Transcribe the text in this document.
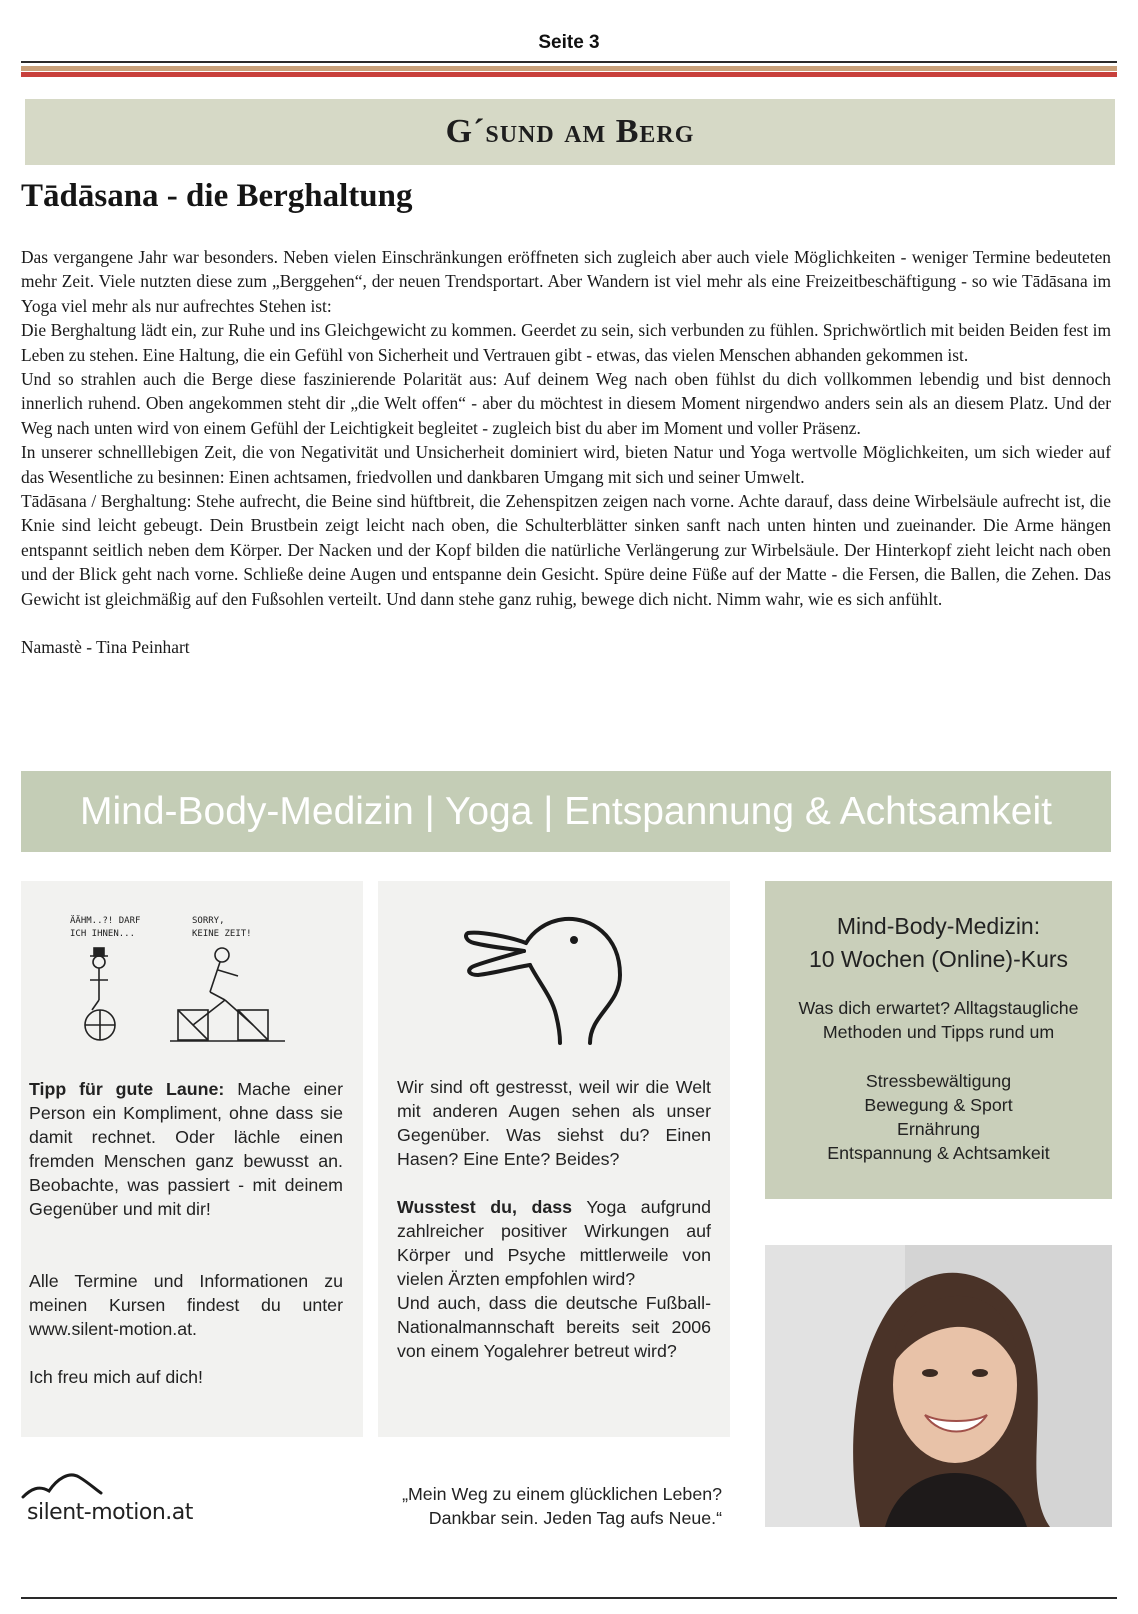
Seite 3
G´sund am Berg
Tādāsana - die Berghaltung

Das vergangene Jahr war besonders. Neben vielen Einschränkungen eröffneten sich zugleich aber auch viele Möglichkeiten - weniger Termine bedeuteten mehr Zeit. Viele nutzten diese zum „Berggehen“, der neuen Trendsportart. Aber Wandern ist viel mehr als eine Freizeitbeschäftigung - so wie Tādāsana im Yoga viel mehr als nur aufrechtes Stehen ist:

Die Berghaltung lädt ein, zur Ruhe und ins Gleichgewicht zu kommen. Geerdet zu sein, sich verbunden zu fühlen. Sprichwörtlich mit beiden Beiden fest im Leben zu stehen. Eine Haltung, die ein Gefühl von Sicherheit und Vertrauen gibt - etwas, das vielen Menschen abhanden gekommen ist.

Und so strahlen auch die Berge diese faszinierende Polarität aus: Auf deinem Weg nach oben fühlst du dich vollkommen lebendig und bist dennoch innerlich ruhend. Oben angekommen steht dir „die Welt offen“ - aber du möchtest in diesem Moment nirgendwo anders sein als an diesem Platz. Und der Weg nach unten wird von einem Gefühl der Leichtigkeit begleitet - zugleich bist du aber im Moment und voller Präsenz.

In unserer schnelllebigen Zeit, die von Negativität und Unsicherheit dominiert wird, bieten Natur und Yoga wertvolle Möglichkeiten, um sich wieder auf das Wesentliche zu besinnen: Einen achtsamen, friedvollen und dankbaren Umgang mit sich und seiner Umwelt.

Tādāsana / Berghaltung: Stehe aufrecht, die Beine sind hüftbreit, die Zehenspitzen zeigen nach vorne. Achte darauf, dass deine Wirbelsäule aufrecht ist, die Knie sind leicht gebeugt. Dein Brustbein zeigt leicht nach oben, die Schulterblätter sinken sanft nach unten hinten und zueinander. Die Arme hängen entspannt seitlich neben dem Körper. Der Nacken und der Kopf bilden die natürliche Verlängerung zur Wirbelsäule. Der Hinterkopf zieht leicht nach oben und der Blick geht nach vorne. Schließe deine Augen und entspanne dein Gesicht. Spüre deine Füße auf der Matte - die Fersen, die Ballen, die Zehen. Das Gewicht ist gleichmäßig auf den Fußsohlen verteilt. Und dann stehe ganz ruhig, bewege dich nicht. Nimm wahr, wie es sich anfühlt.

Namastè - Tina Peinhart

Mind-Body-Medizin | Yoga | Entspannung & Achtsamkeit
ÄÄHM..?! DARF ICH IHNEN...
SORRY, KEINE ZEIT!

Tipp für gute Laune: Mache einer Person ein Kompliment, ohne dass sie damit rechnet. Oder lächle einen fremden Menschen ganz bewusst an. Beobachte, was passiert - mit deinem Gegenüber und mit dir!

Alle Termine und Informationen zu meinen Kursen findest du unter www.silent-motion.at.

Ich freu mich auf dich!

Wir sind oft gestresst, weil wir die Welt mit anderen Augen sehen als unser Gegenüber. Was siehst du? Einen Hasen? Eine Ente? Beides?

Wusstest du, dass Yoga aufgrund zahlreicher positiver Wirkungen auf Körper und Psyche mittlerweile von vielen Ärzten empfohlen wird?
Und auch, dass die deutsche Fußball-Nationalmannschaft bereits seit 2006 von einem Yogalehrer betreut wird?

Mind-Body-Medizin:
10 Wochen (Online)-Kurs
Was dich erwartet? Alltagstaugliche
Methoden und Tipps rund um
Stressbewältigung
Bewegung & Sport
Ernährung
Entspannung & Achtsamkeit
silent-motion.at
„Mein Weg zu einem glücklichen Leben?
Dankbar sein. Jeden Tag aufs Neue.“
